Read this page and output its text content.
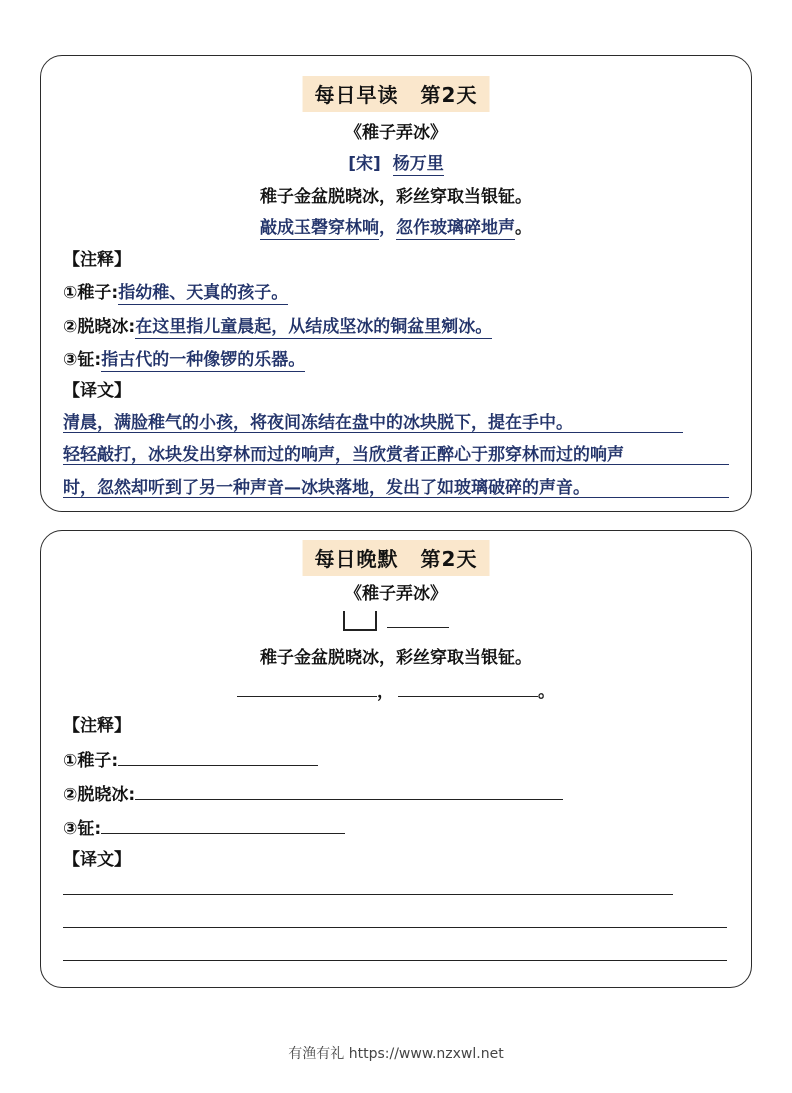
每日早读 第2天
《稚子弄冰》
[宋] 杨万里
稚子金盆脱晓冰，彩丝穿取当银钲。
敲成玉磬穿林响，忽作玻璃碎地声。
【注释】
①稚子:指幼稚、天真的孩子。
②脱晓冰:在这里指儿童晨起，从结成坚冰的铜盆里剜冰。
③钲:指古代的一种像锣的乐器。
【译文】
清晨，满脸稚气的小孩，将夜间冻结在盘中的冰块脱下，提在手中。
轻轻敲打，冰块发出穿林而过的响声，当欣赏者正醉心于那穿林而过的响声
时，忽然却听到了另一种声音—冰块落地，发出了如玻璃破碎的声音。
每日晚默 第2天
《稚子弄冰》
稚子金盆脱晓冰，彩丝穿取当银钲。
，	。
【注释】
①稚子:
②脱晓冰:
③钲:
【译文】
有渔有礼 https://www.nzxwl.net
